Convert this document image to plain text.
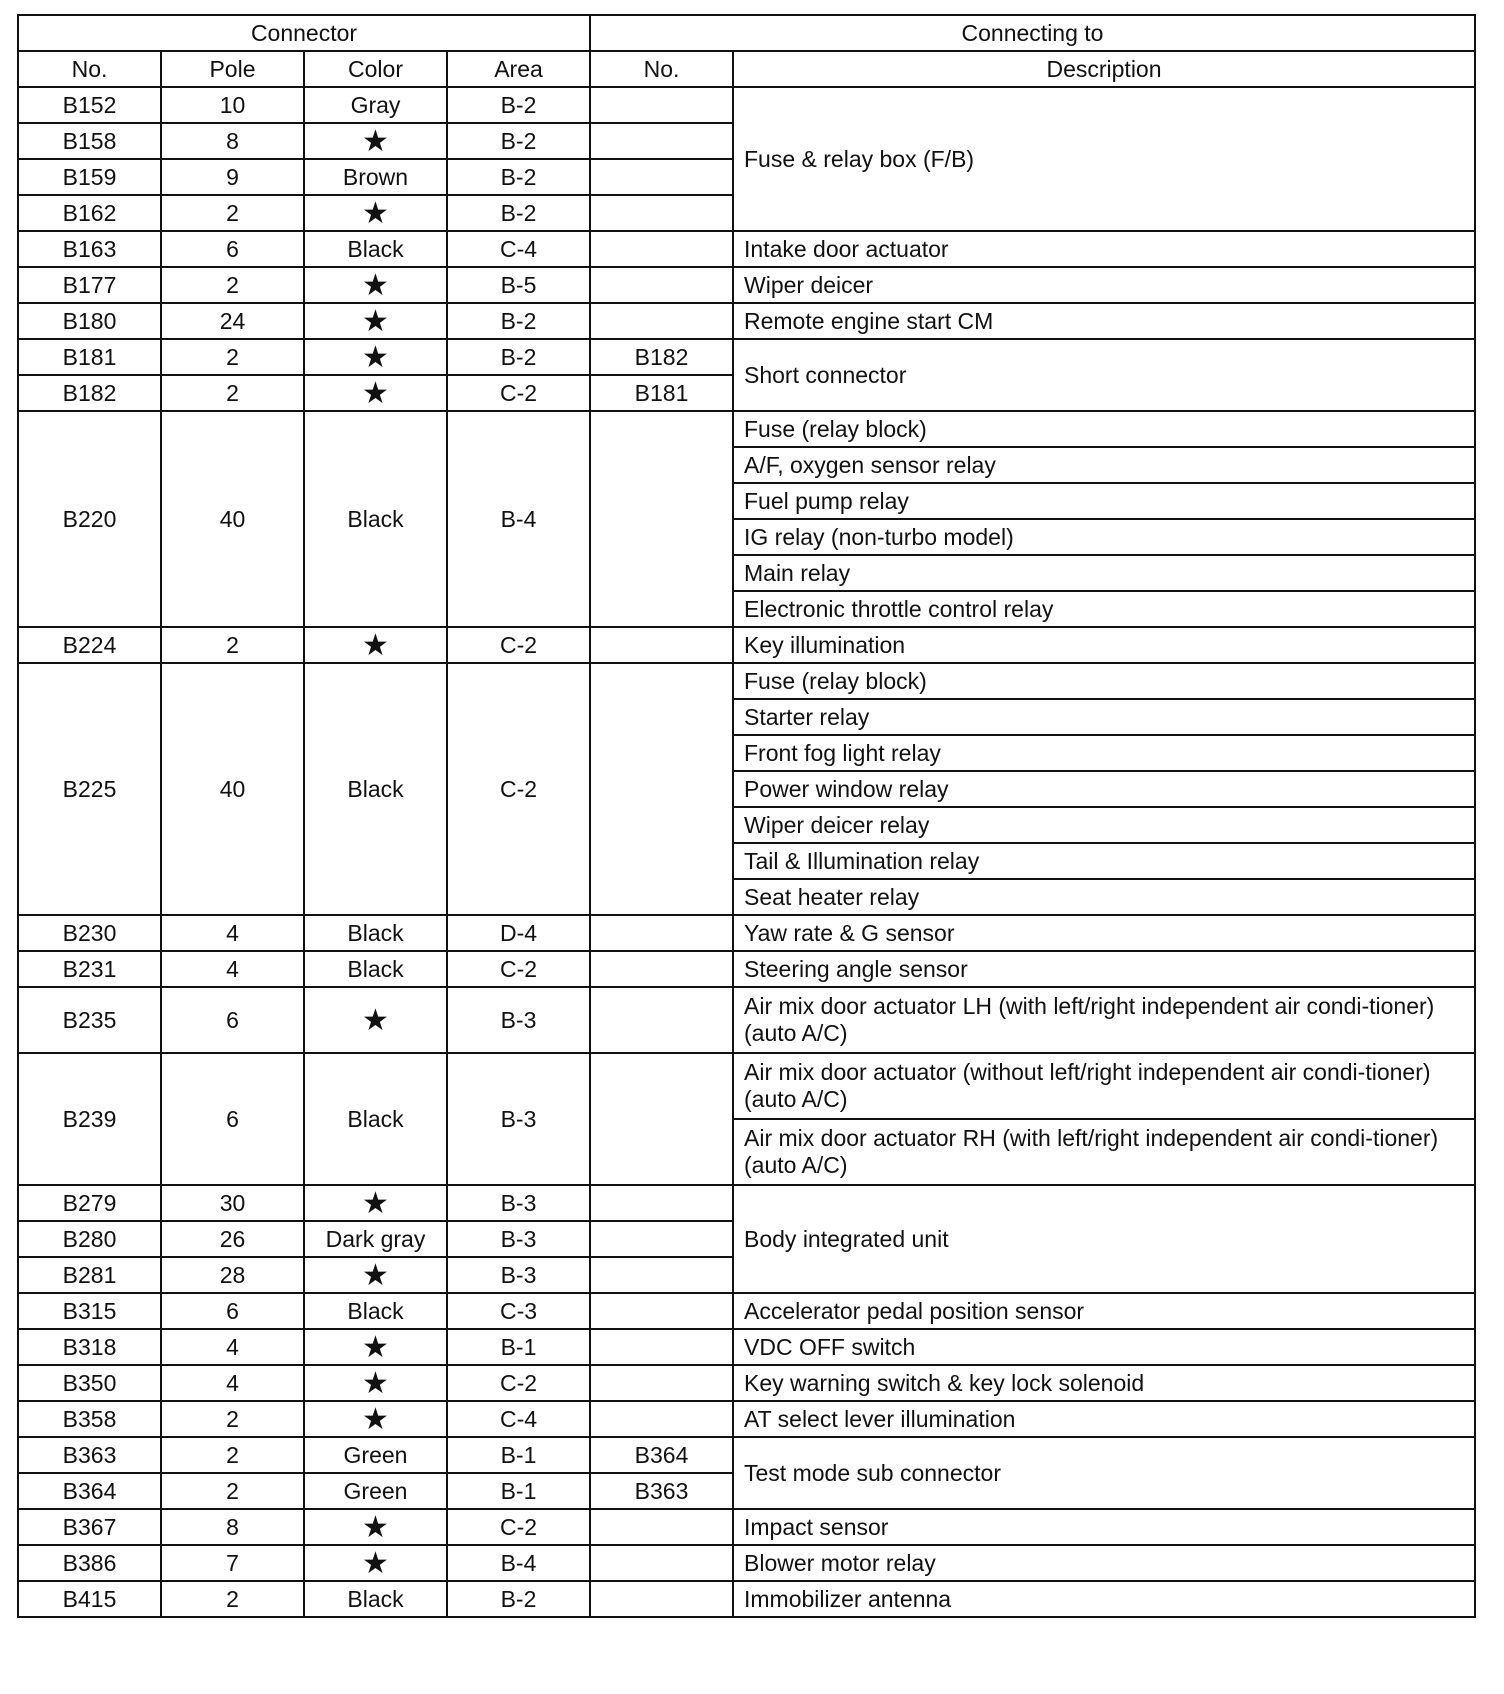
Connector				Connecting to	
No.	Pole	Color	Area	No.	Description
B152	10	Gray	B-2		Fuse & relay box (F/B)
B158	8	★	B-2		
B159	9	Brown	B-2		
B162	2	★	B-2		
B163	6	Black	C-4		Intake door actuator
B177	2	★	B-5		Wiper deicer
B180	24	★	B-2		Remote engine start CM
B181	2	★	B-2	B182	Short connector
B182	2	★	C-2	B181	
B220	40	Black	B-4		Fuse (relay block)
					A/F, oxygen sensor relay
					Fuel pump relay
					IG relay (non-turbo model)
					Main relay
					Electronic throttle control relay
B224	2	★	C-2		Key illumination
B225	40	Black	C-2		Fuse (relay block)
					Starter relay
					Front fog light relay
					Power window relay
					Wiper deicer relay
					Tail & Illumination relay
					Seat heater relay
B230	4	Black	D-4		Yaw rate & G sensor
B231	4	Black	C-2		Steering angle sensor
B235	6	★	B-3		Air mix door actuator LH (with left/right independent air condi-tioner) (auto A/C)
B239	6	Black	B-3		Air mix door actuator (without left/right independent air condi-tioner) (auto A/C)
					Air mix door actuator RH (with left/right independent air condi-tioner) (auto A/C)
B279	30	★	B-3		Body integrated unit
B280	26	Dark gray	B-3		
B281	28	★	B-3		
B315	6	Black	C-3		Accelerator pedal position sensor
B318	4	★	B-1		VDC OFF switch
B350	4	★	C-2		Key warning switch & key lock solenoid
B358	2	★	C-4		AT select lever illumination
B363	2	Green	B-1	B364	Test mode sub connector
B364	2	Green	B-1	B363	
B367	8	★	C-2		Impact sensor
B386	7	★	B-4		Blower motor relay
B415	2	Black	B-2		Immobilizer antenna
